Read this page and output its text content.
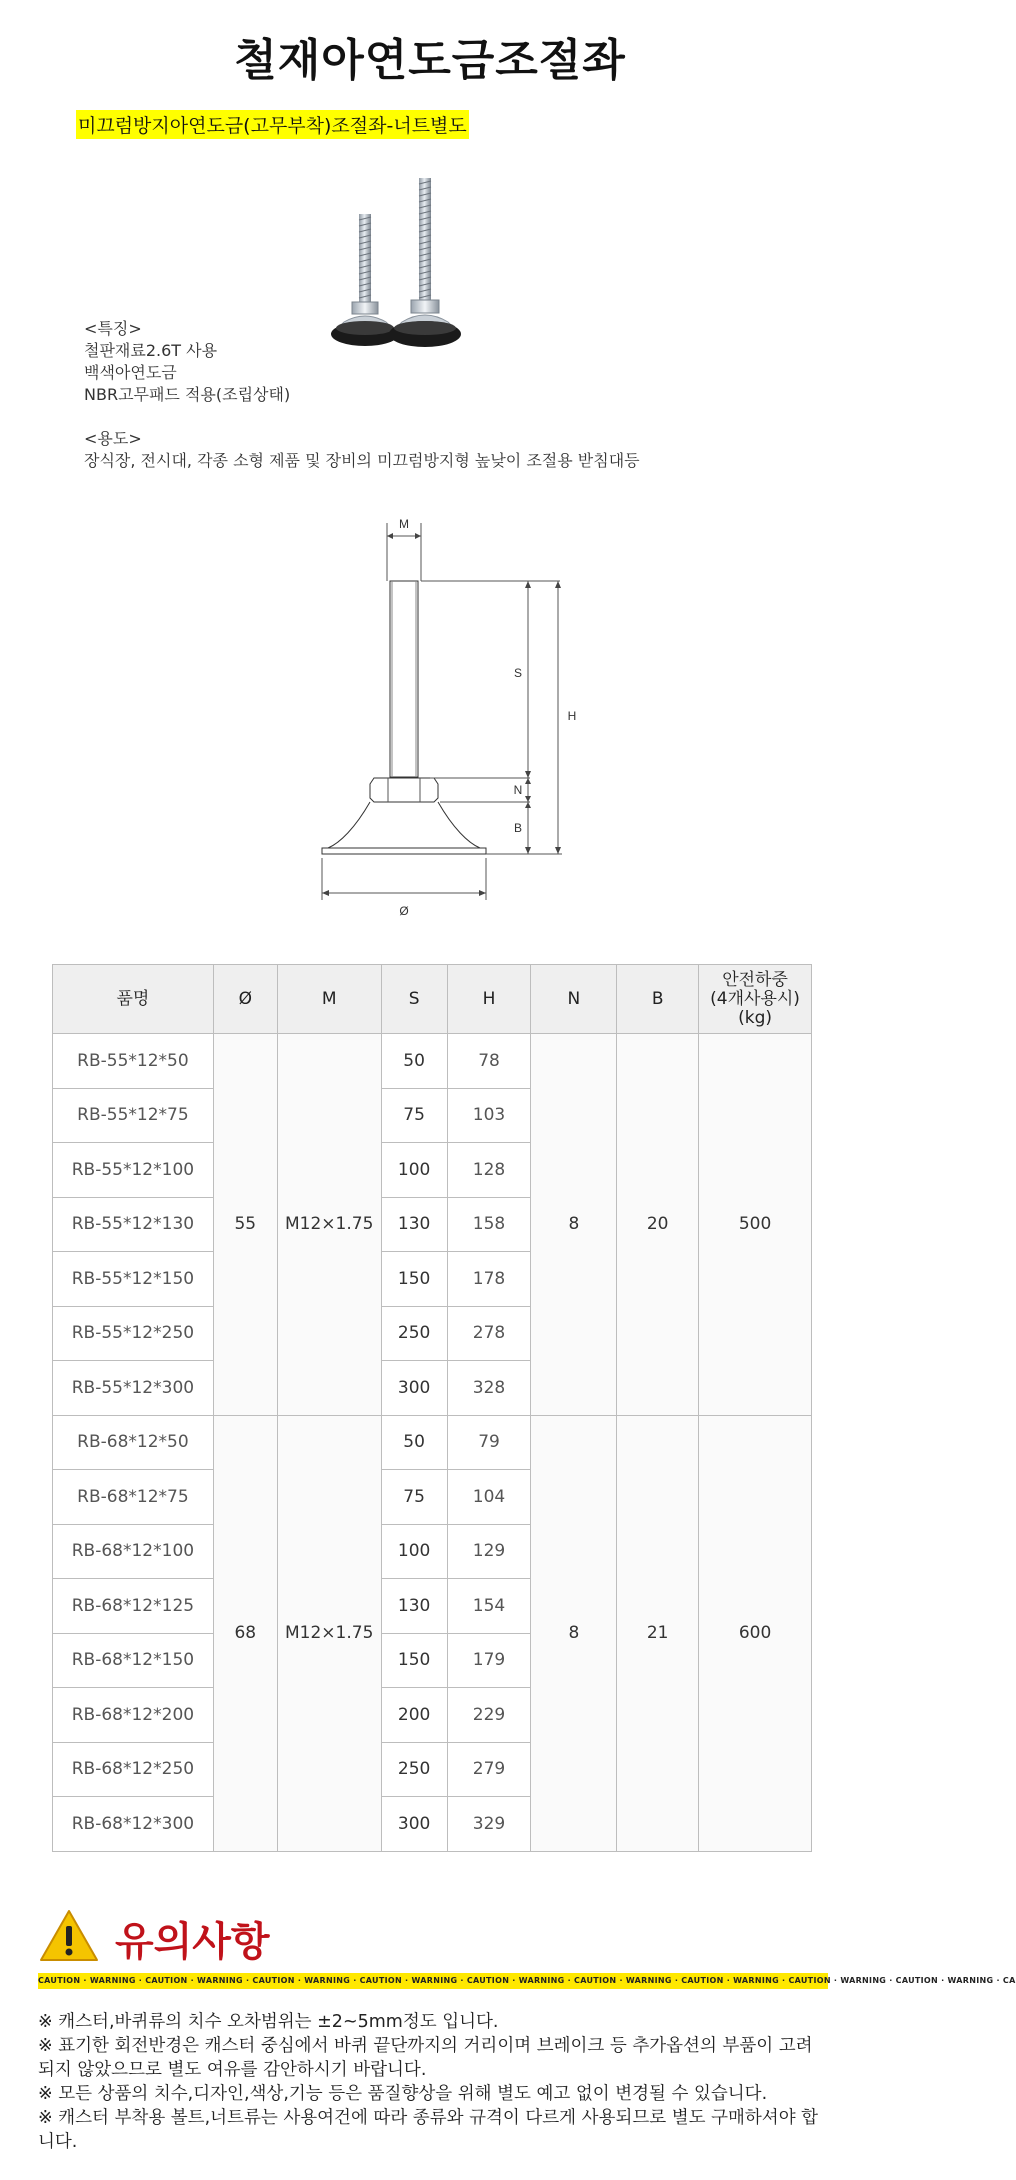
철재아연도금조절좌
미끄럼방지아연도금(고무부착)조절좌-너트별도
<특징>
철판재료2.6T 사용
백색아연도금
NBR고무패드 적용(조립상태)
<용도>
장식장, 전시대, 각종 소형 제품 및 장비의 미끄럼방지형 높낮이 조절용 받침대등
M
S
N
B
H
Ø
품명	Ø	M	S	H	N	B	안전하중
(4개사용시)
(kg)

RB-55*12*50	55	M12×1.75	50	78	8	20	500
RB-55*12*75			75	103			
RB-55*12*100			100	128			
RB-55*12*130			130	158			
RB-55*12*150			150	178			
RB-55*12*250			250	278			
RB-55*12*300			300	328			
RB-68*12*50	68	M12×1.75	50	79	8	21	600
RB-68*12*75			75	104			
RB-68*12*100			100	129			
RB-68*12*125			130	154			
RB-68*12*150			150	179			
RB-68*12*200			200	229			
RB-68*12*250			250	279			
RB-68*12*300			300	329			
유의사항
CAUTION · WARNING · CAUTION · WARNING · CAUTION · WARNING · CAUTION · WARNING · CAUTION · WARNING · CAUTION · WARNING · CAUTION · WARNING · CAUTION · WARNING · CAUTION · WARNING · CA
※ 캐스터,바퀴류의 치수 오차범위는 ±2~5mm정도 입니다.
※ 표기한 회전반경은 캐스터 중심에서 바퀴 끝단까지의 거리이며 브레이크 등 추가옵션의 부품이 고려되지 않았으므로 별도 여유를 감안하시기 바랍니다.
※ 모든 상품의 치수,디자인,색상,기능 등은 품질향상을 위해 별도 예고 없이 변경될 수 있습니다.
※ 캐스터 부착용 볼트,너트류는 사용여건에 따라 종류와 규격이 다르게 사용되므로 별도 구매하셔야 합니다.
